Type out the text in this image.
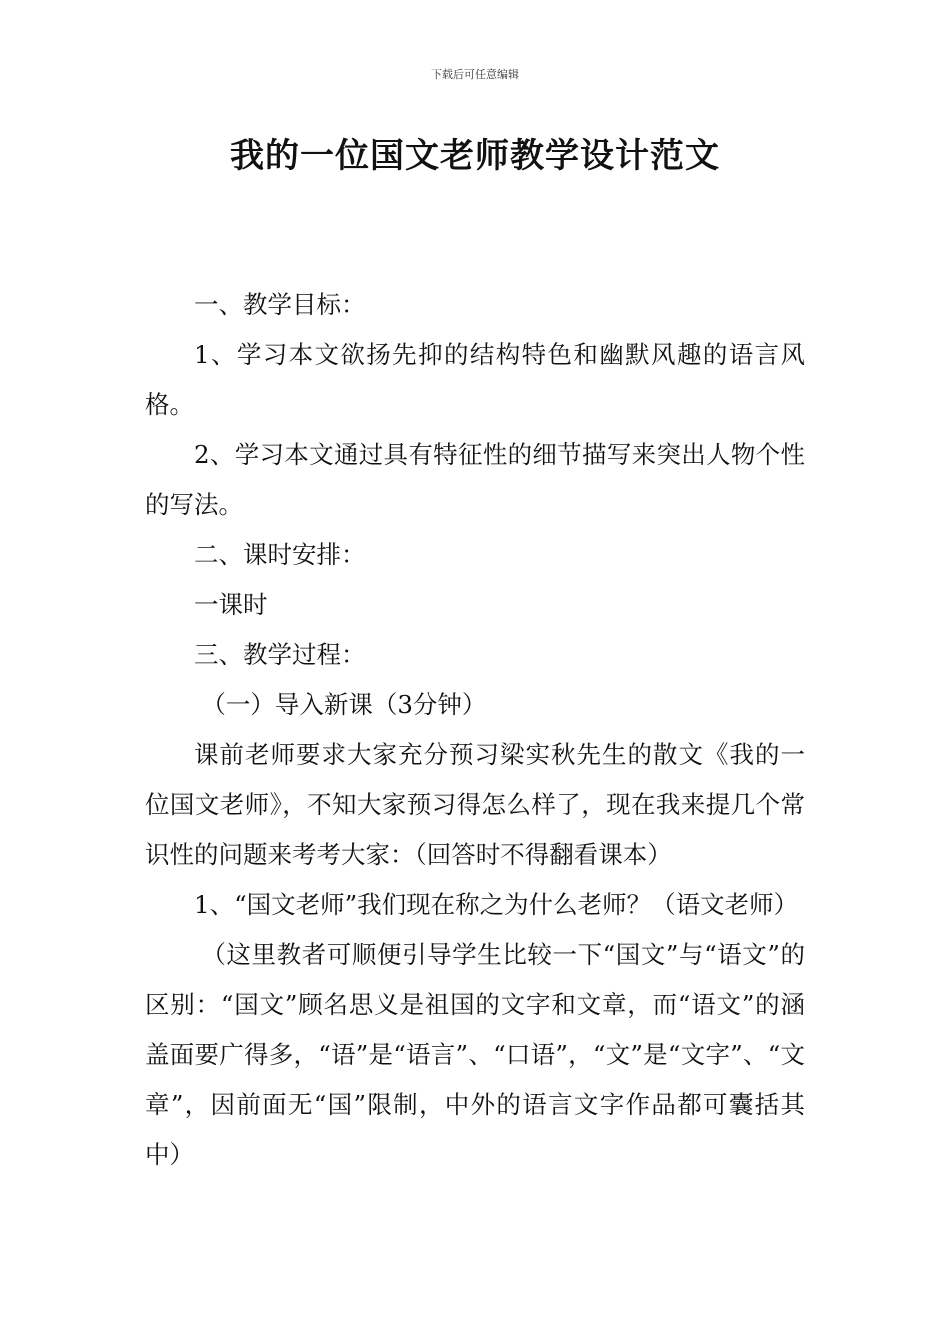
下载后可任意编辑
我的一位国文老师教学设计范文

一、教学目标：

1、学习本文欲扬先抑的结构特色和幽默风趣的语言风格。

2、学习本文通过具有特征性的细节描写来突出人物个性的写法。

二、课时安排：

一课时

三、教学过程：

（一）导入新课（3分钟）

课前老师要求大家充分预习梁实秋先生的散文《我的一位国文老师》，不知大家预习得怎么样了，现在我来提几个常识性的问题来考考大家：（回答时不得翻看课本）

1、“国文老师”我们现在称之为什么老师？（语文老师）

（这里教者可顺便引导学生比较一下“国文”与“语文”的区别：“国文”顾名思义是祖国的文字和文章，而“语文”的涵盖面要广得多，“语”是“语言”、“口语”，“文”是“文字”、“文章”，因前面无“国”限制，中外的语言文字作品都可囊括其中）
